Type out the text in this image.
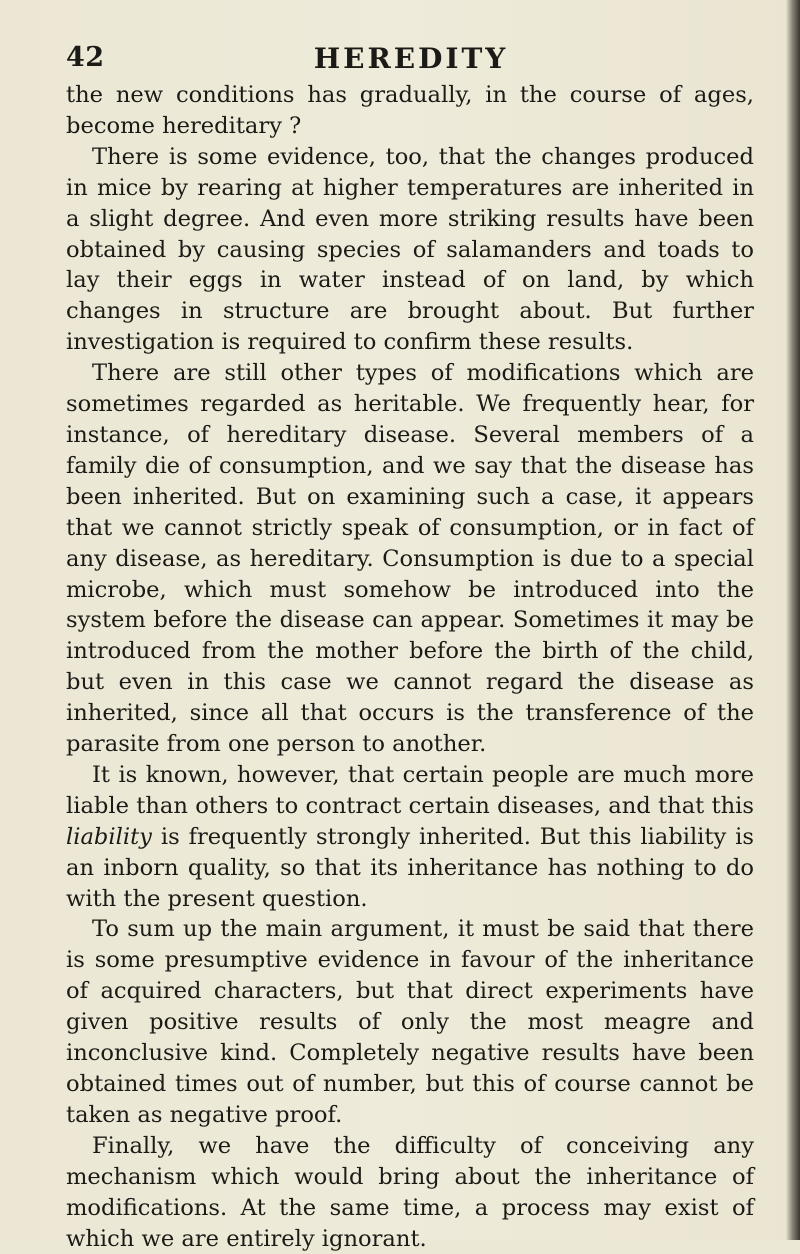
42	HEREDITY

the new conditions has gradually, in the course of ages, become hereditary ?

There is some evidence, too, that the changes produced in mice by rearing at higher temperatures are inherited in a slight degree. And even more striking results have been obtained by causing species of salamanders and toads to lay their eggs in water instead of on land, by which changes in structure are brought about. But further investigation is required to confirm these results.

There are still other types of modifications which are sometimes regarded as heritable. We frequently hear, for instance, of hereditary disease. Several members of a family die of consumption, and we say that the disease has been inherited. But on examining such a case, it appears that we cannot strictly speak of consumption, or in fact of any disease, as hereditary. Consumption is due to a special microbe, which must somehow be introduced into the system before the disease can appear. Sometimes it may be introduced from the mother before the birth of the child, but even in this case we cannot regard the disease as inherited, since all that occurs is the transference of the parasite from one person to another.

It is known, however, that certain people are much more liable than others to contract certain diseases, and that this liability is frequently strongly inherited. But this liability is an inborn quality, so that its inheritance has nothing to do with the present question.

To sum up the main argument, it must be said that there is some presumptive evidence in favour of the inheritance of acquired characters, but that direct experiments have given positive results of only the most meagre and inconclusive kind. Completely negative results have been obtained times out of number, but this of course cannot be taken as negative proof.

Finally, we have the difficulty of conceiving any mechanism which would bring about the inheritance of modifications. At the same time, a process may exist of which we are entirely ignorant.
